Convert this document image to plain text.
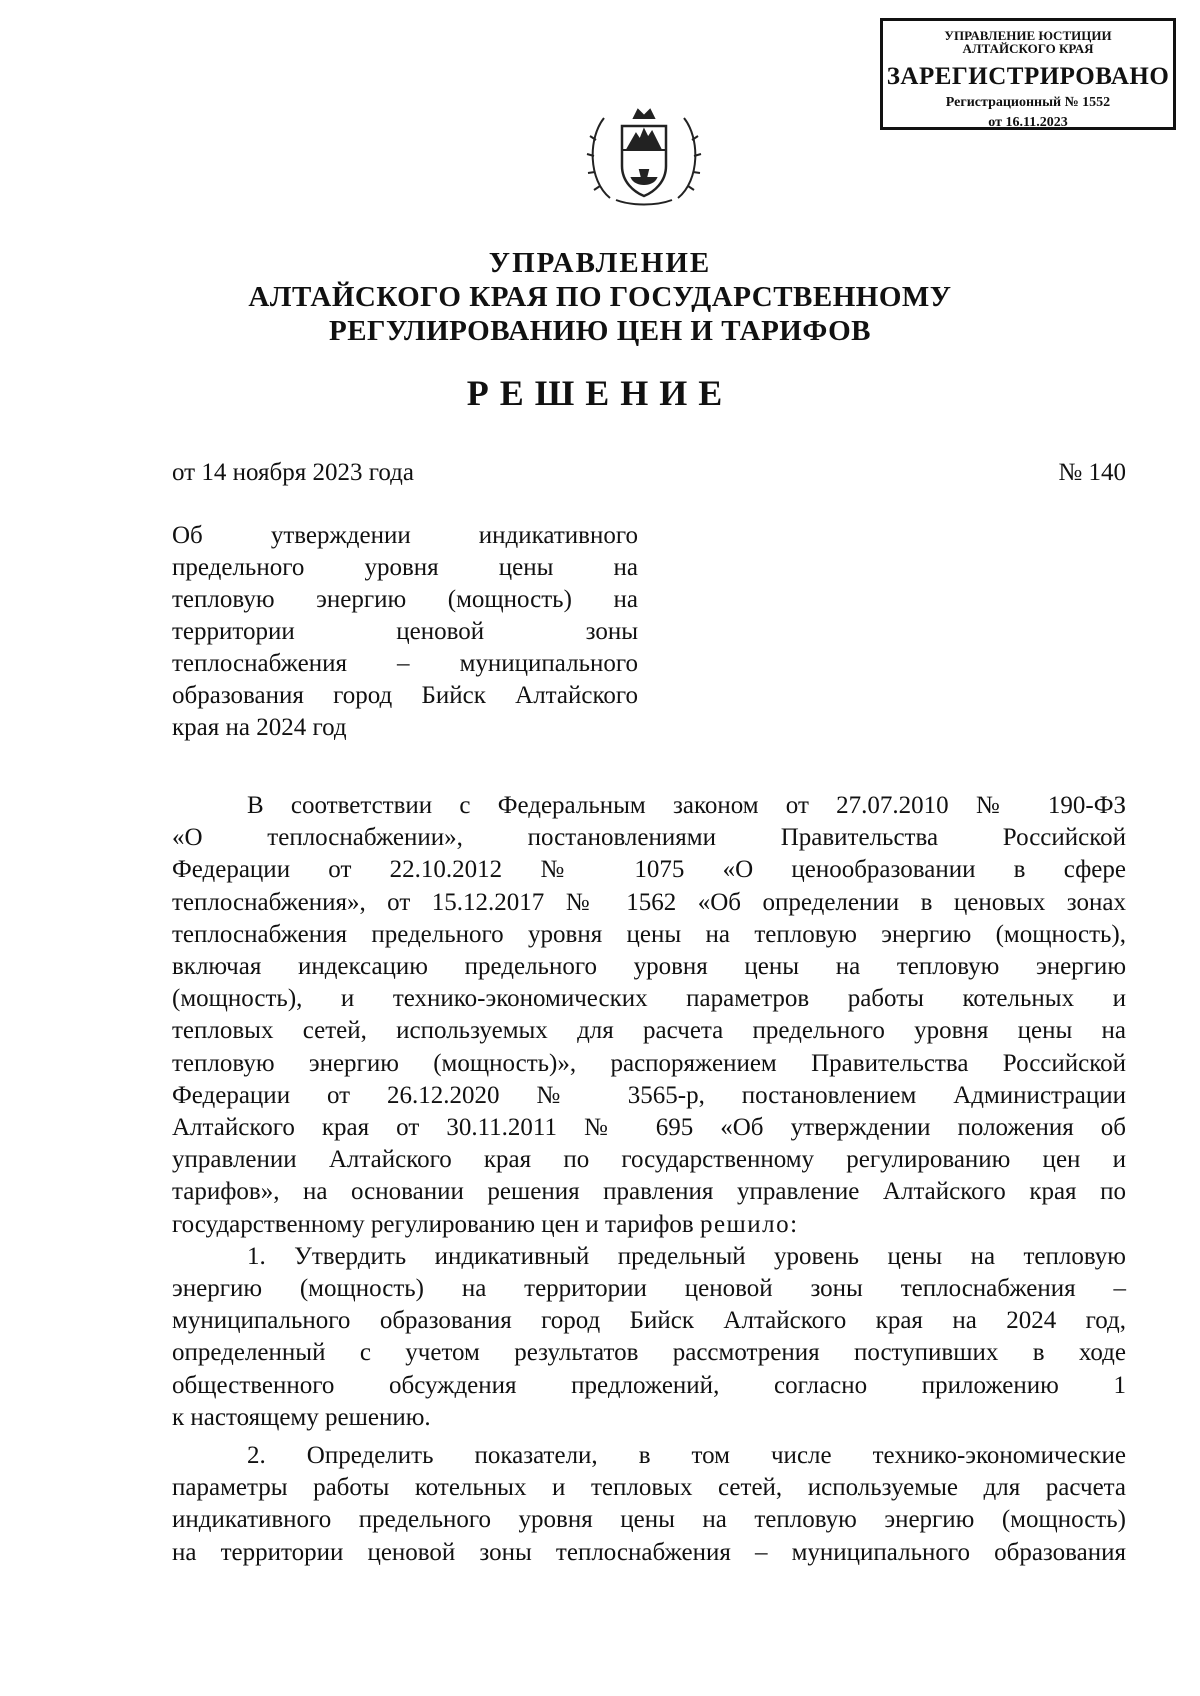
УПРАВЛЕНИЕ ЮСТИЦИИ
АЛТАЙСКОГО КРАЯ
ЗАРЕГИСТРИРОВАНО
Регистрационный № 1552
от 16.11.2023
УПРАВЛЕНИЕ
АЛТАЙСКОГО КРАЯ ПО ГОСУДАРСТВЕННОМУ
РЕГУЛИРОВАНИЮ ЦЕН И ТАРИФОВ
РЕШЕНИЕ
от 14 ноября 2023 года	№ 140
Об утверждении индикативного
предельного уровня цены на
тепловую энергию (мощность) на
территории ценовой зоны
теплоснабжения – муниципального
образования город Бийск Алтайского
края на 2024 год
В соответствии с Федеральным законом от 27.07.2010 № 190-ФЗ
«О теплоснабжении», постановлениями Правительства Российской
Федерации от 22.10.2012 № 1075 «О ценообразовании в сфере
теплоснабжения», от 15.12.2017 № 1562 «Об определении в ценовых зонах
теплоснабжения предельного уровня цены на тепловую энергию (мощность),
включая индексацию предельного уровня цены на тепловую энергию
(мощность), и технико-экономических параметров работы котельных и
тепловых сетей, используемых для расчета предельного уровня цены на
тепловую энергию (мощность)», распоряжением Правительства Российской
Федерации от 26.12.2020 № 3565-р, постановлением Администрации
Алтайского края от 30.11.2011 № 695 «Об утверждении положения об
управлении Алтайского края по государственному регулированию цен и
тарифов», на основании решения правления управление Алтайского края по
государственному регулированию цен и тарифов решило:
1. Утвердить индикативный предельный уровень цены на тепловую
энергию (мощность) на территории ценовой зоны теплоснабжения –
муниципального образования город Бийск Алтайского края на 2024 год,
определенный с учетом результатов рассмотрения поступивших в ходе
общественного обсуждения предложений, согласно приложению 1
к настоящему решению.
2. Определить показатели, в том числе технико-экономические
параметры работы котельных и тепловых сетей, используемые для расчета
индикативного предельного уровня цены на тепловую энергию (мощность)
на территории ценовой зоны теплоснабжения – муниципального образования
